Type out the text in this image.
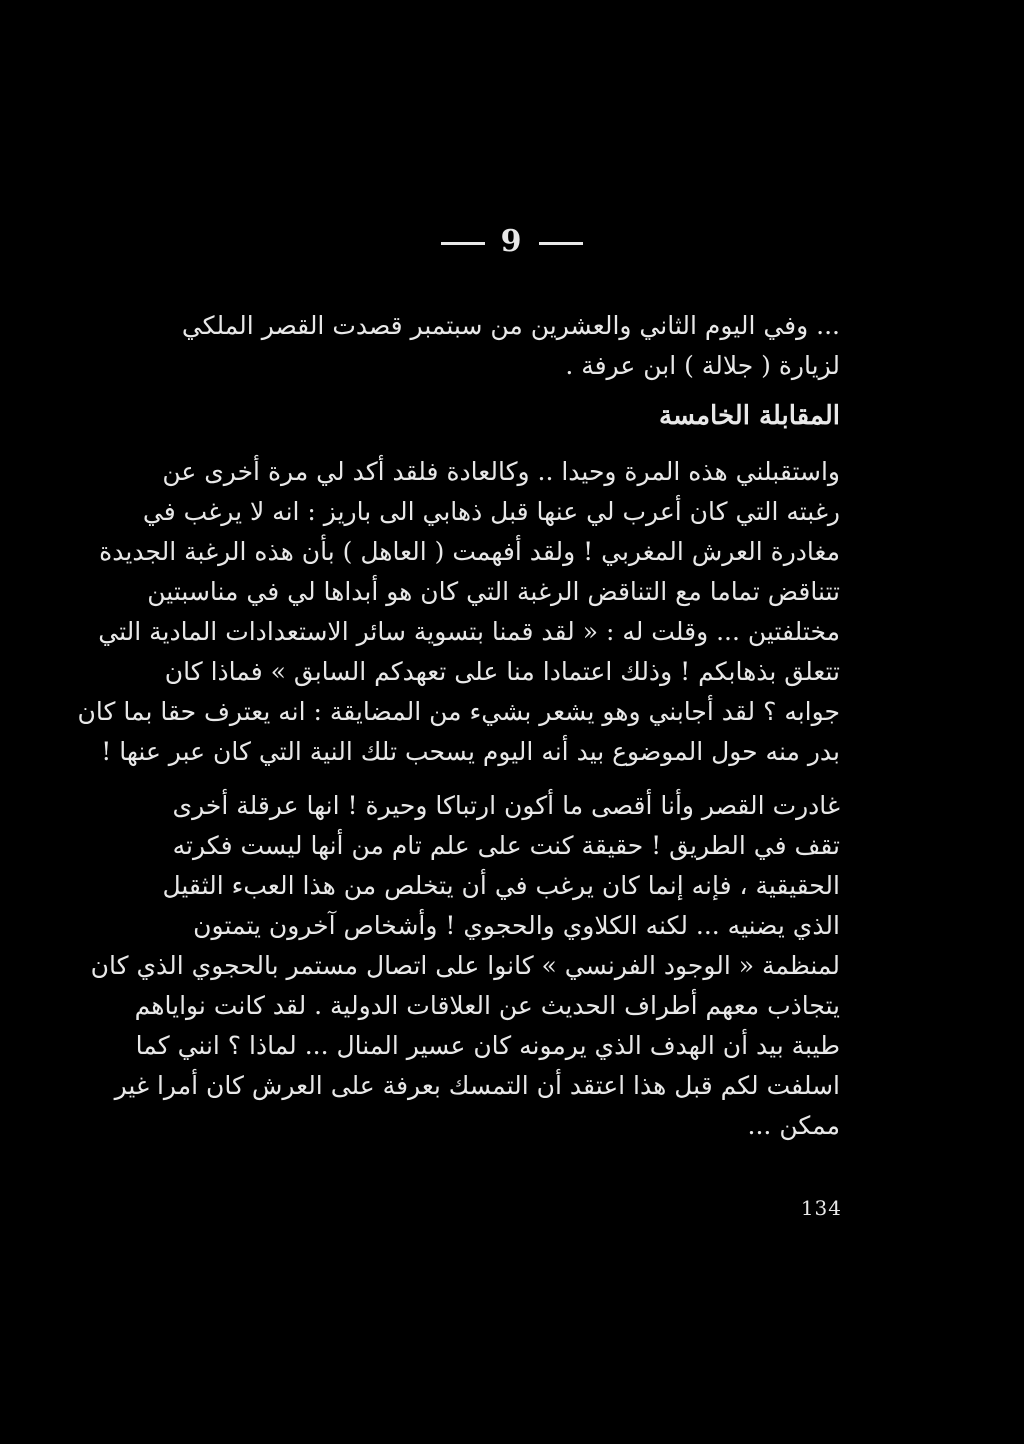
9
... وفي اليوم الثاني والعشرين من سبتمبر قصدت القصر الملكي
لزيارة ( جلالة ) ابن عرفة .
المقابلة الخامسة
واستقبلني هذه المرة وحيدا .. وكالعادة فلقد أكد لي مرة أخرى عن
رغبته التي كان أعرب لي عنها قبل ذهابي الى باريز : انه لا يرغب في
مغادرة العرش المغربي ! ولقد أفهمت ( العاهل ) بأن هذه الرغبة الجديدة
تتناقض تماما مع التناقض الرغبة التي كان هو أبداها لي في مناسبتين
مختلفتين ... وقلت له : « لقد قمنا بتسوية سائر الاستعدادات المادية التي
تتعلق بذهابكم ! وذلك اعتمادا منا على تعهدكم السابق » فماذا كان
جوابه ؟ لقد أجابني وهو يشعر بشيء من المضايقة : انه يعترف حقا بما كان
بدر منه حول الموضوع بيد أنه اليوم يسحب تلك النية التي كان عبر عنها !
غادرت القصر وأنا أقصى ما أكون ارتباكا وحيرة ! انها عرقلة أخرى
تقف في الطريق ! حقيقة كنت على علم تام من أنها ليست فكرته
الحقيقية ، فإنه إنما كان يرغب في أن يتخلص من هذا العبء الثقيل
الذي يضنيه ... لكنه الكلاوي والحجوي ! وأشخاص آخرون يتمتون
لمنظمة « الوجود الفرنسي » كانوا على اتصال مستمر بالحجوي الذي كان
يتجاذب معهم أطراف الحديث عن العلاقات الدولية . لقد كانت نواياهم
طيبة بيد أن الهدف الذي يرمونه كان عسير المنال ... لماذا ؟ انني كما
اسلفت لكم قبل هذا اعتقد أن التمسك بعرفة على العرش كان أمرا غير
ممكن ...
134
